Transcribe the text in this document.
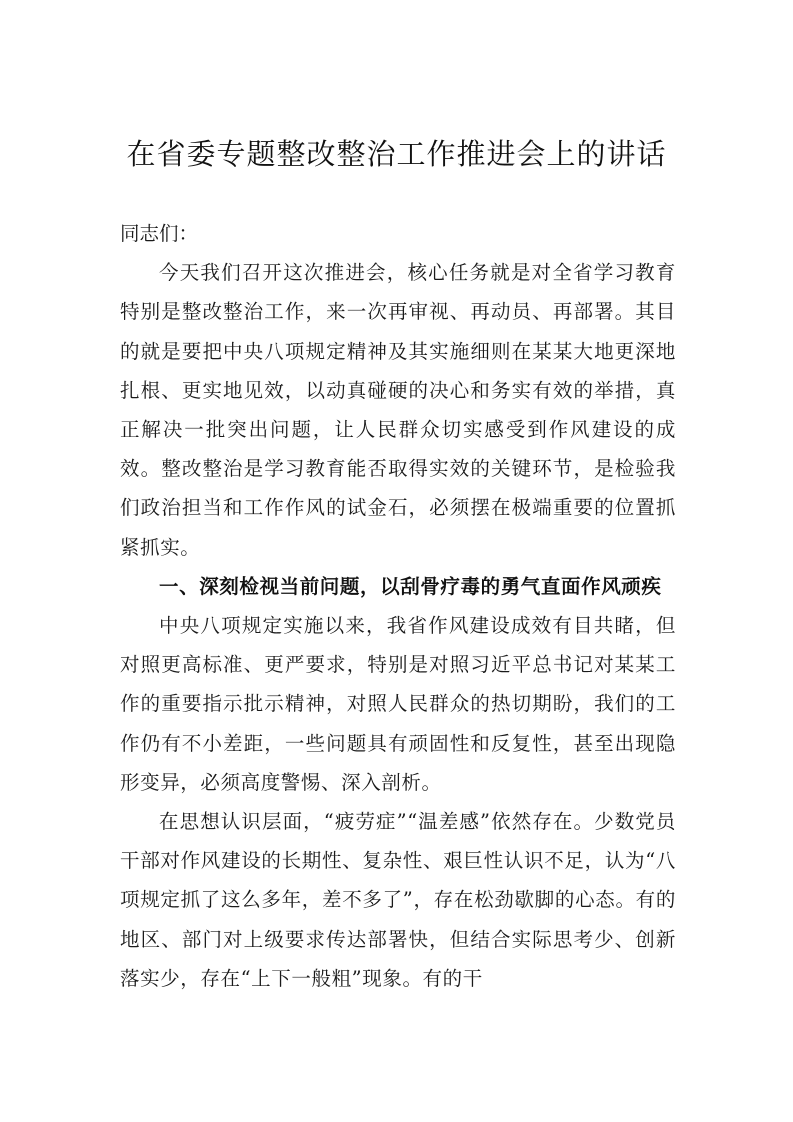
在省委专题整改整治工作推进会上的讲话

同志们：

今天我们召开这次推进会，核心任务就是对全省学习教育特别是整改整治工作，来一次再审视、再动员、再部署。其目的就是要把中央八项规定精神及其实施细则在某某大地更深地扎根、更实地见效，以动真碰硬的决心和务实有效的举措，真正解决一批突出问题，让人民群众切实感受到作风建设的成效。整改整治是学习教育能否取得实效的关键环节，是检验我们政治担当和工作作风的试金石，必须摆在极端重要的位置抓紧抓实。

一、深刻检视当前问题，以刮骨疗毒的勇气直面作风顽疾

中央八项规定实施以来，我省作风建设成效有目共睹，但对照更高标准、更严要求，特别是对照习近平总书记对某某工作的重要指示批示精神，对照人民群众的热切期盼，我们的工作仍有不小差距，一些问题具有顽固性和反复性，甚至出现隐形变异，必须高度警惕、深入剖析。

在思想认识层面，“疲劳症”“温差感”依然存在。少数党员干部对作风建设的长期性、复杂性、艰巨性认识不足，认为“八项规定抓了这么多年，差不多了”，存在松劲歇脚的心态。有的地区、部门对上级要求传达部署快，但结合实际思考少、创新落实少，存在“上下一般粗”现象。有的干
